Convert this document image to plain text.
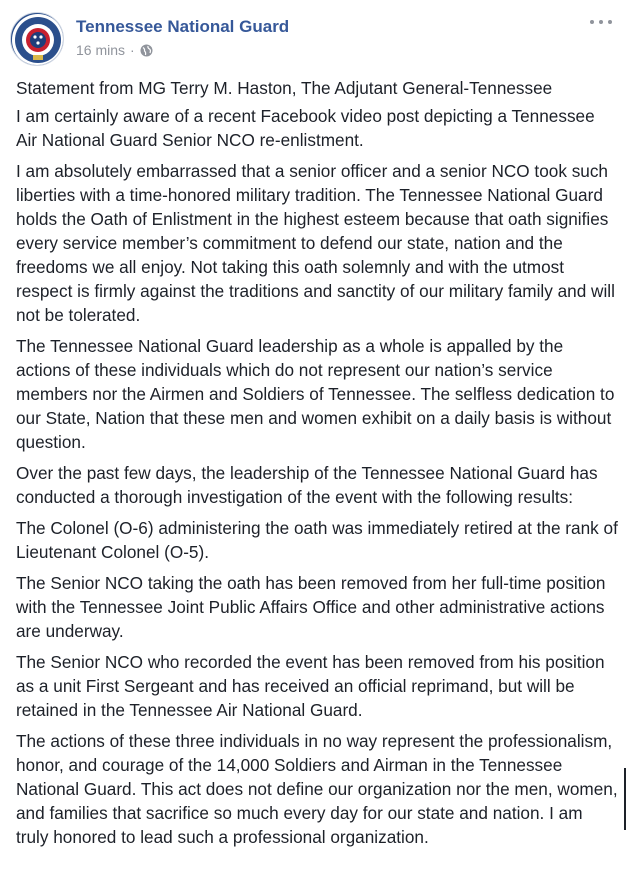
Tennessee National Guard
16 mins ·

Statement from MG Terry M. Haston, The Adjutant General-Tennessee

I am certainly aware of a recent Facebook video post depicting a Tennessee Air National Guard Senior NCO re-enlistment.

I am absolutely embarrassed that a senior officer and a senior NCO took such liberties with a time-honored military tradition. The Tennessee National Guard holds the Oath of Enlistment in the highest esteem because that oath signifies every service member’s commitment to defend our state, nation and the freedoms we all enjoy. Not taking this oath solemnly and with the utmost respect is firmly against the traditions and sanctity of our military family and will not be tolerated.

The Tennessee National Guard leadership as a whole is appalled by the actions of these individuals which do not represent our nation’s service members nor the Airmen and Soldiers of Tennessee. The selfless dedication to our State, Nation that these men and women exhibit on a daily basis is without question.

Over the past few days, the leadership of the Tennessee National Guard has conducted a thorough investigation of the event with the following results:

The Colonel (O-6) administering the oath was immediately retired at the rank of Lieutenant Colonel (O-5).

The Senior NCO taking the oath has been removed from her full-time position with the Tennessee Joint Public Affairs Office and other administrative actions are underway.

The Senior NCO who recorded the event has been removed from his position as a unit First Sergeant and has received an official reprimand, but will be retained in the Tennessee Air National Guard.

The actions of these three individuals in no way represent the professionalism, honor, and courage of the 14,000 Soldiers and Airman in the Tennessee National Guard. This act does not define our organization nor the men, women, and families that sacrifice so much every day for our state and nation. I am truly honored to lead such a professional organization.
